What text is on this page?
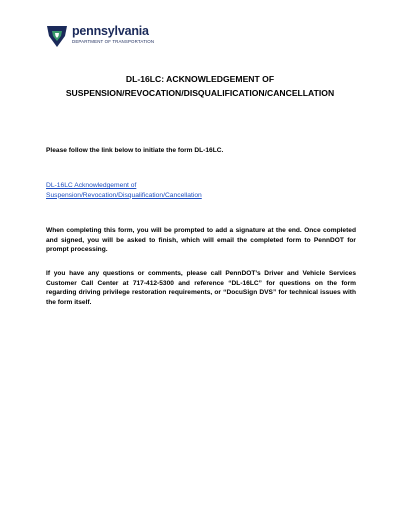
pennsylvania
DEPARTMENT OF TRANSPORTATION
DL-16LC: ACKNOWLEDGEMENT OF
SUSPENSION/REVOCATION/DISQUALIFICATION/CANCELLATION
Please follow the link below to initiate the form DL-16LC.
DL-16LC Acknowledgement of
Suspension/Revocation/Disqualification/Cancellation
When completing this form, you will be prompted to add a signature at the end. Once completed and signed, you will be asked to finish, which will email the completed form to PennDOT for prompt processing.
If you have any questions or comments, please call PennDOT’s Driver and Vehicle Services Customer Call Center at 717-412-5300 and reference “DL-16LC” for questions on the form regarding driving privilege restoration requirements, or “DocuSign DVS” for technical issues with the form itself.
